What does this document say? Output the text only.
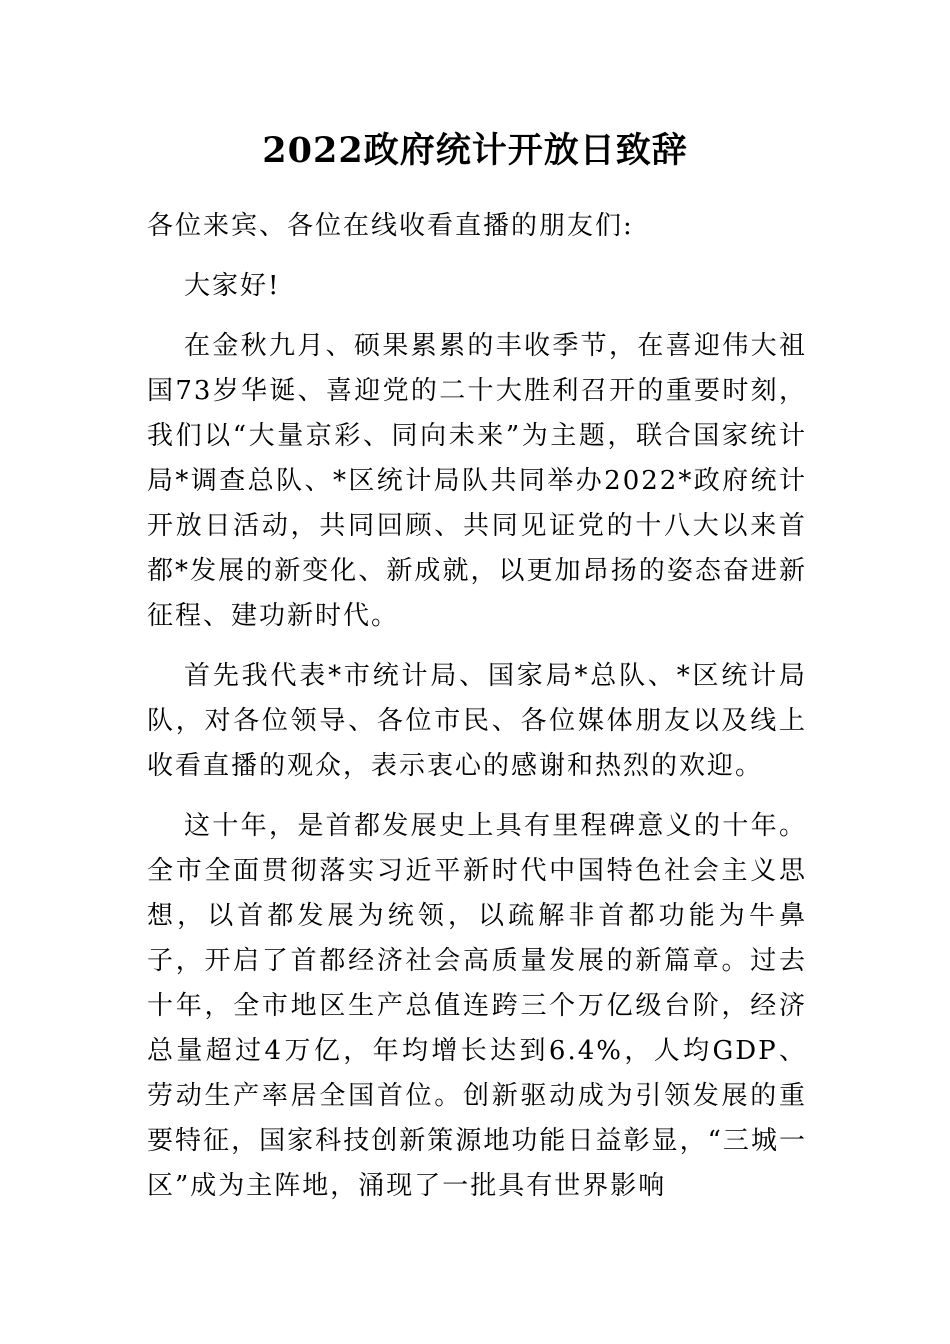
2022政府统计开放日致辞

各位来宾、各位在线收看直播的朋友们:

大家好!

在金秋九月、硕果累累的丰收季节，在喜迎伟大祖国73岁华诞、喜迎党的二十大胜利召开的重要时刻，我们以“大量京彩、同向未来”为主题，联合国家统计局*调查总队、*区统计局队共同举办2022*政府统计开放日活动，共同回顾、共同见证党的十八大以来首都*发展的新变化、新成就，以更加昂扬的姿态奋进新征程、建功新时代。

首先我代表*市统计局、国家局*总队、*区统计局队，对各位领导、各位市民、各位媒体朋友以及线上收看直播的观众，表示衷心的感谢和热烈的欢迎。

这十年，是首都发展史上具有里程碑意义的十年。全市全面贯彻落实习近平新时代中国特色社会主义思想，以首都发展为统领，以疏解非首都功能为牛鼻子，开启了首都经济社会高质量发展的新篇章。过去十年，全市地区生产总值连跨三个万亿级台阶，经济总量超过4万亿，年均增长达到6.4%，人均GDP、劳动生产率居全国首位。创新驱动成为引领发展的重要特征，国家科技创新策源地功能日益彰显，“三城一区”成为主阵地，涌现了一批具有世界影响
